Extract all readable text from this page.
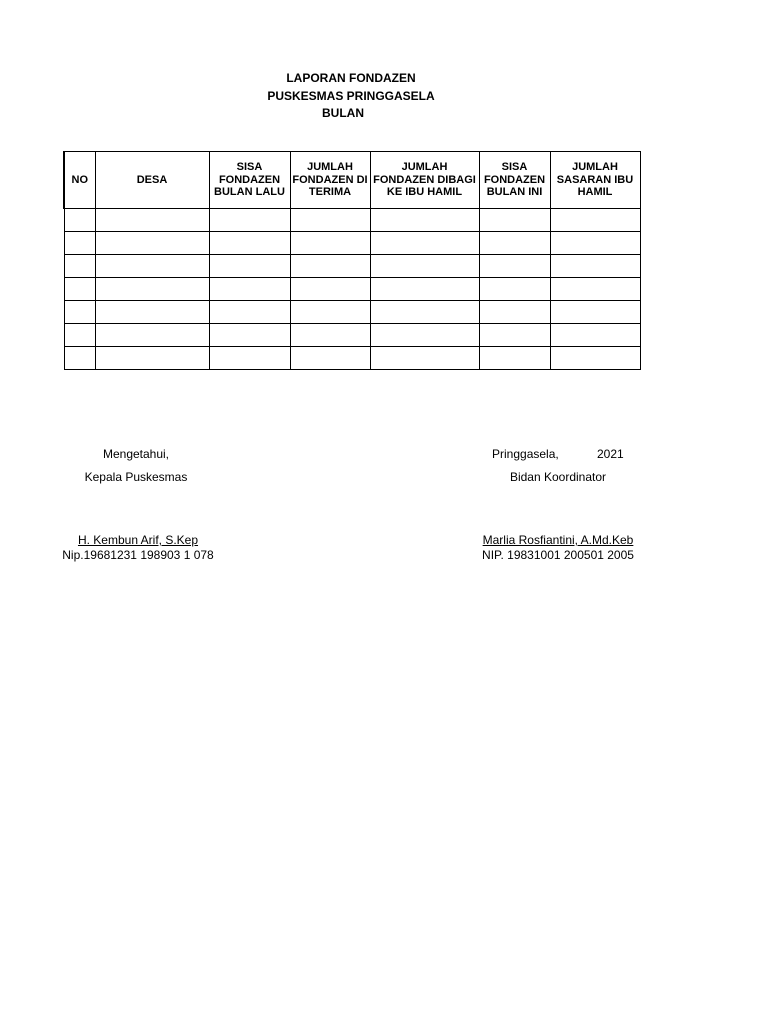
LAPORAN FONDAZEN
PUSKESMAS PRINGGASELA
BULAN
NO	DESA	SISA FONDAZEN BULAN LALU	JUMLAH FONDAZEN DI TERIMA	JUMLAH FONDAZEN DIBAGI KE IBU HAMIL	SISA FONDAZEN BULAN INI	JUMLAH SASARAN IBU HAMIL

Mengetahui,
Kepala Puskesmas
H. Kembun Arif, S.Kep
Nip.19681231 198903 1 078
Pringgasela,	2021
Bidan Koordinator
Marlia Rosfiantini, A.Md.Keb
NIP. 19831001 200501 2005
